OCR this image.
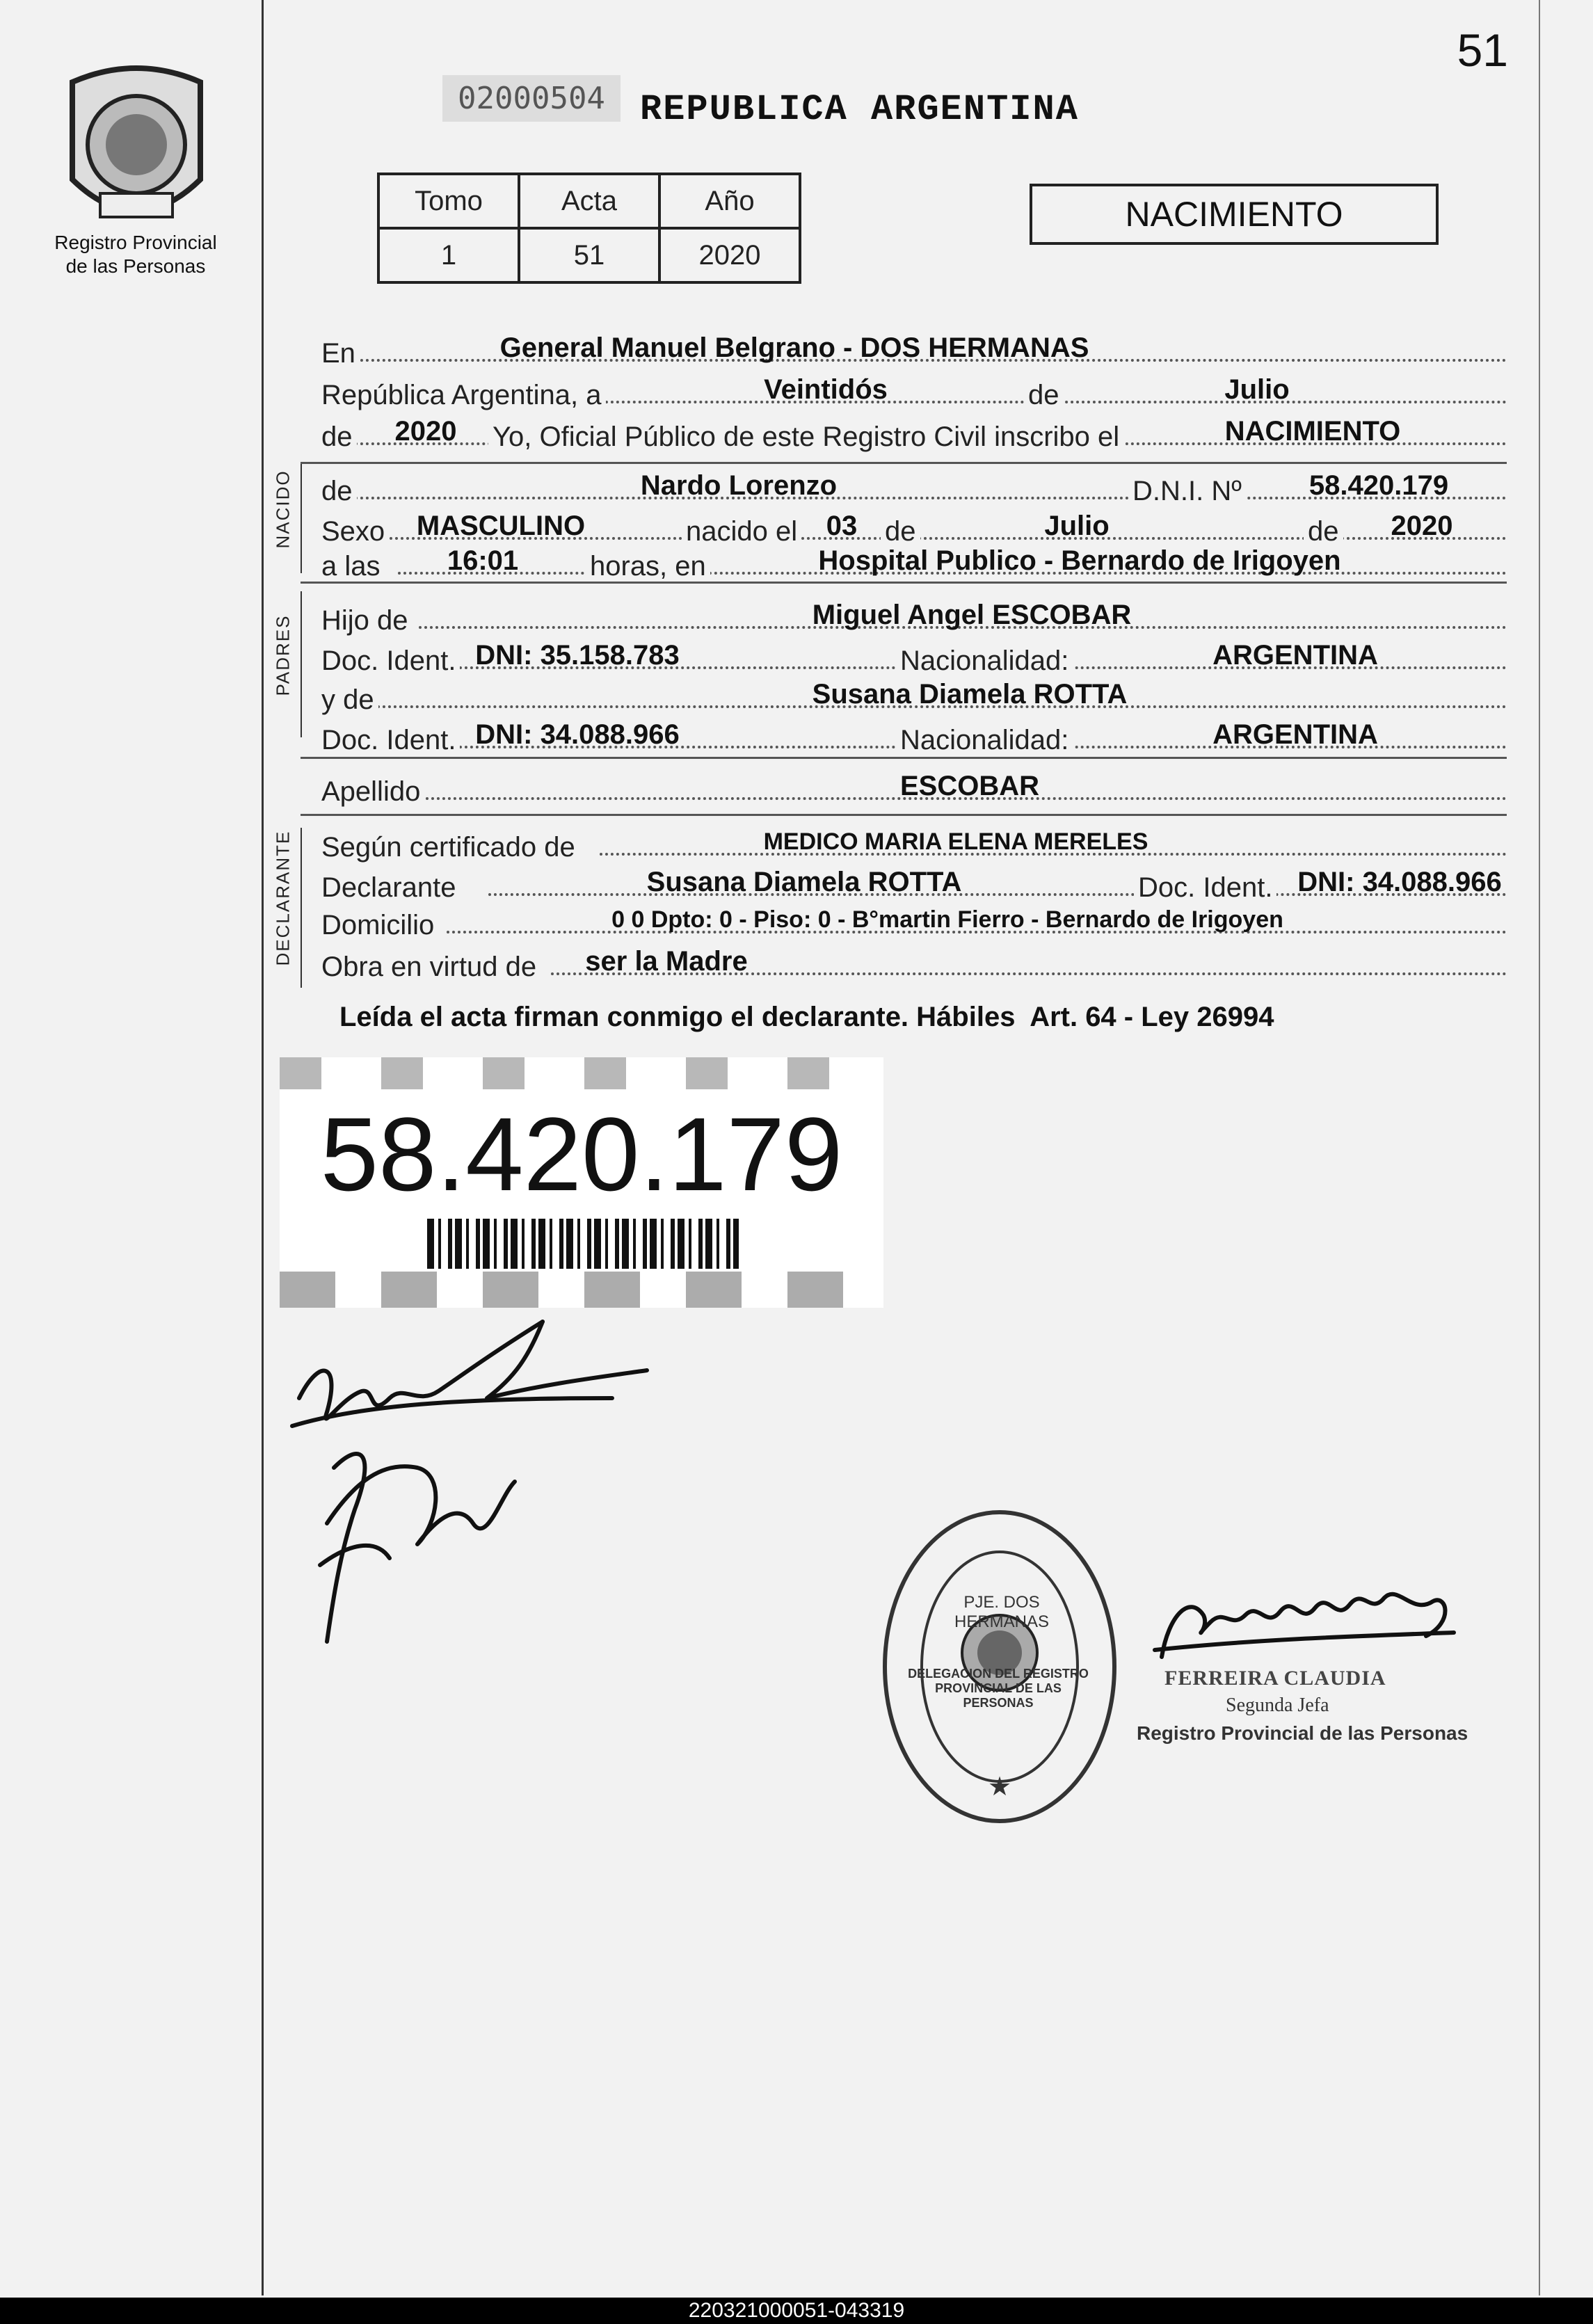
51
Registro Provincial
de las Personas
02000504 REPUBLICA ARGENTINA
Tomo	Acta	Año
1	51	2020
NACIMIENTO
En	General Manuel Belgrano - DOS HERMANAS
República Argentina, a	Veintidós	de	Julio
de 2020 Yo, Oficial Público de este Registro Civil inscribo el	NACIMIENTO
NACIDO de	Nardo Lorenzo	D.N.I. Nº 58.420.179
Sexo MASCULINO	nacido el 03 de	Julio	de 2020
a las 16:01	horas, en	Hospital Publico - Bernardo de Irigoyen
PADRES Hijo de	Miguel Angel ESCOBAR
Doc. Ident. DNI: 35.158.783	Nacionalidad:	ARGENTINA
y de	Susana Diamela ROTTA
Doc. Ident. DNI: 34.088.966	Nacionalidad:	ARGENTINA
Apellido	ESCOBAR
DECLARANTE Según certificado de	MEDICO MARIA ELENA MERELES
Declarante	Susana Diamela ROTTA	Doc. Ident. DNI: 34.088.966
Domicilio	0 0 Dpto: 0 - Piso: 0 - B°martin Fierro - Bernardo de Irigoyen
Obra en virtud de ser la Madre
Leída el acta firman conmigo el declarante. Hábiles  Art. 64 - Ley 26994
58.420.179
★
DELEGACION DEL REGISTRO PROVINCIAL DE LAS PERSONAS
PJE. DOS HERMANAS
FERREIRA CLAUDIA
Segunda Jefa
Registro Provincial de las Personas
220321000051-043319
